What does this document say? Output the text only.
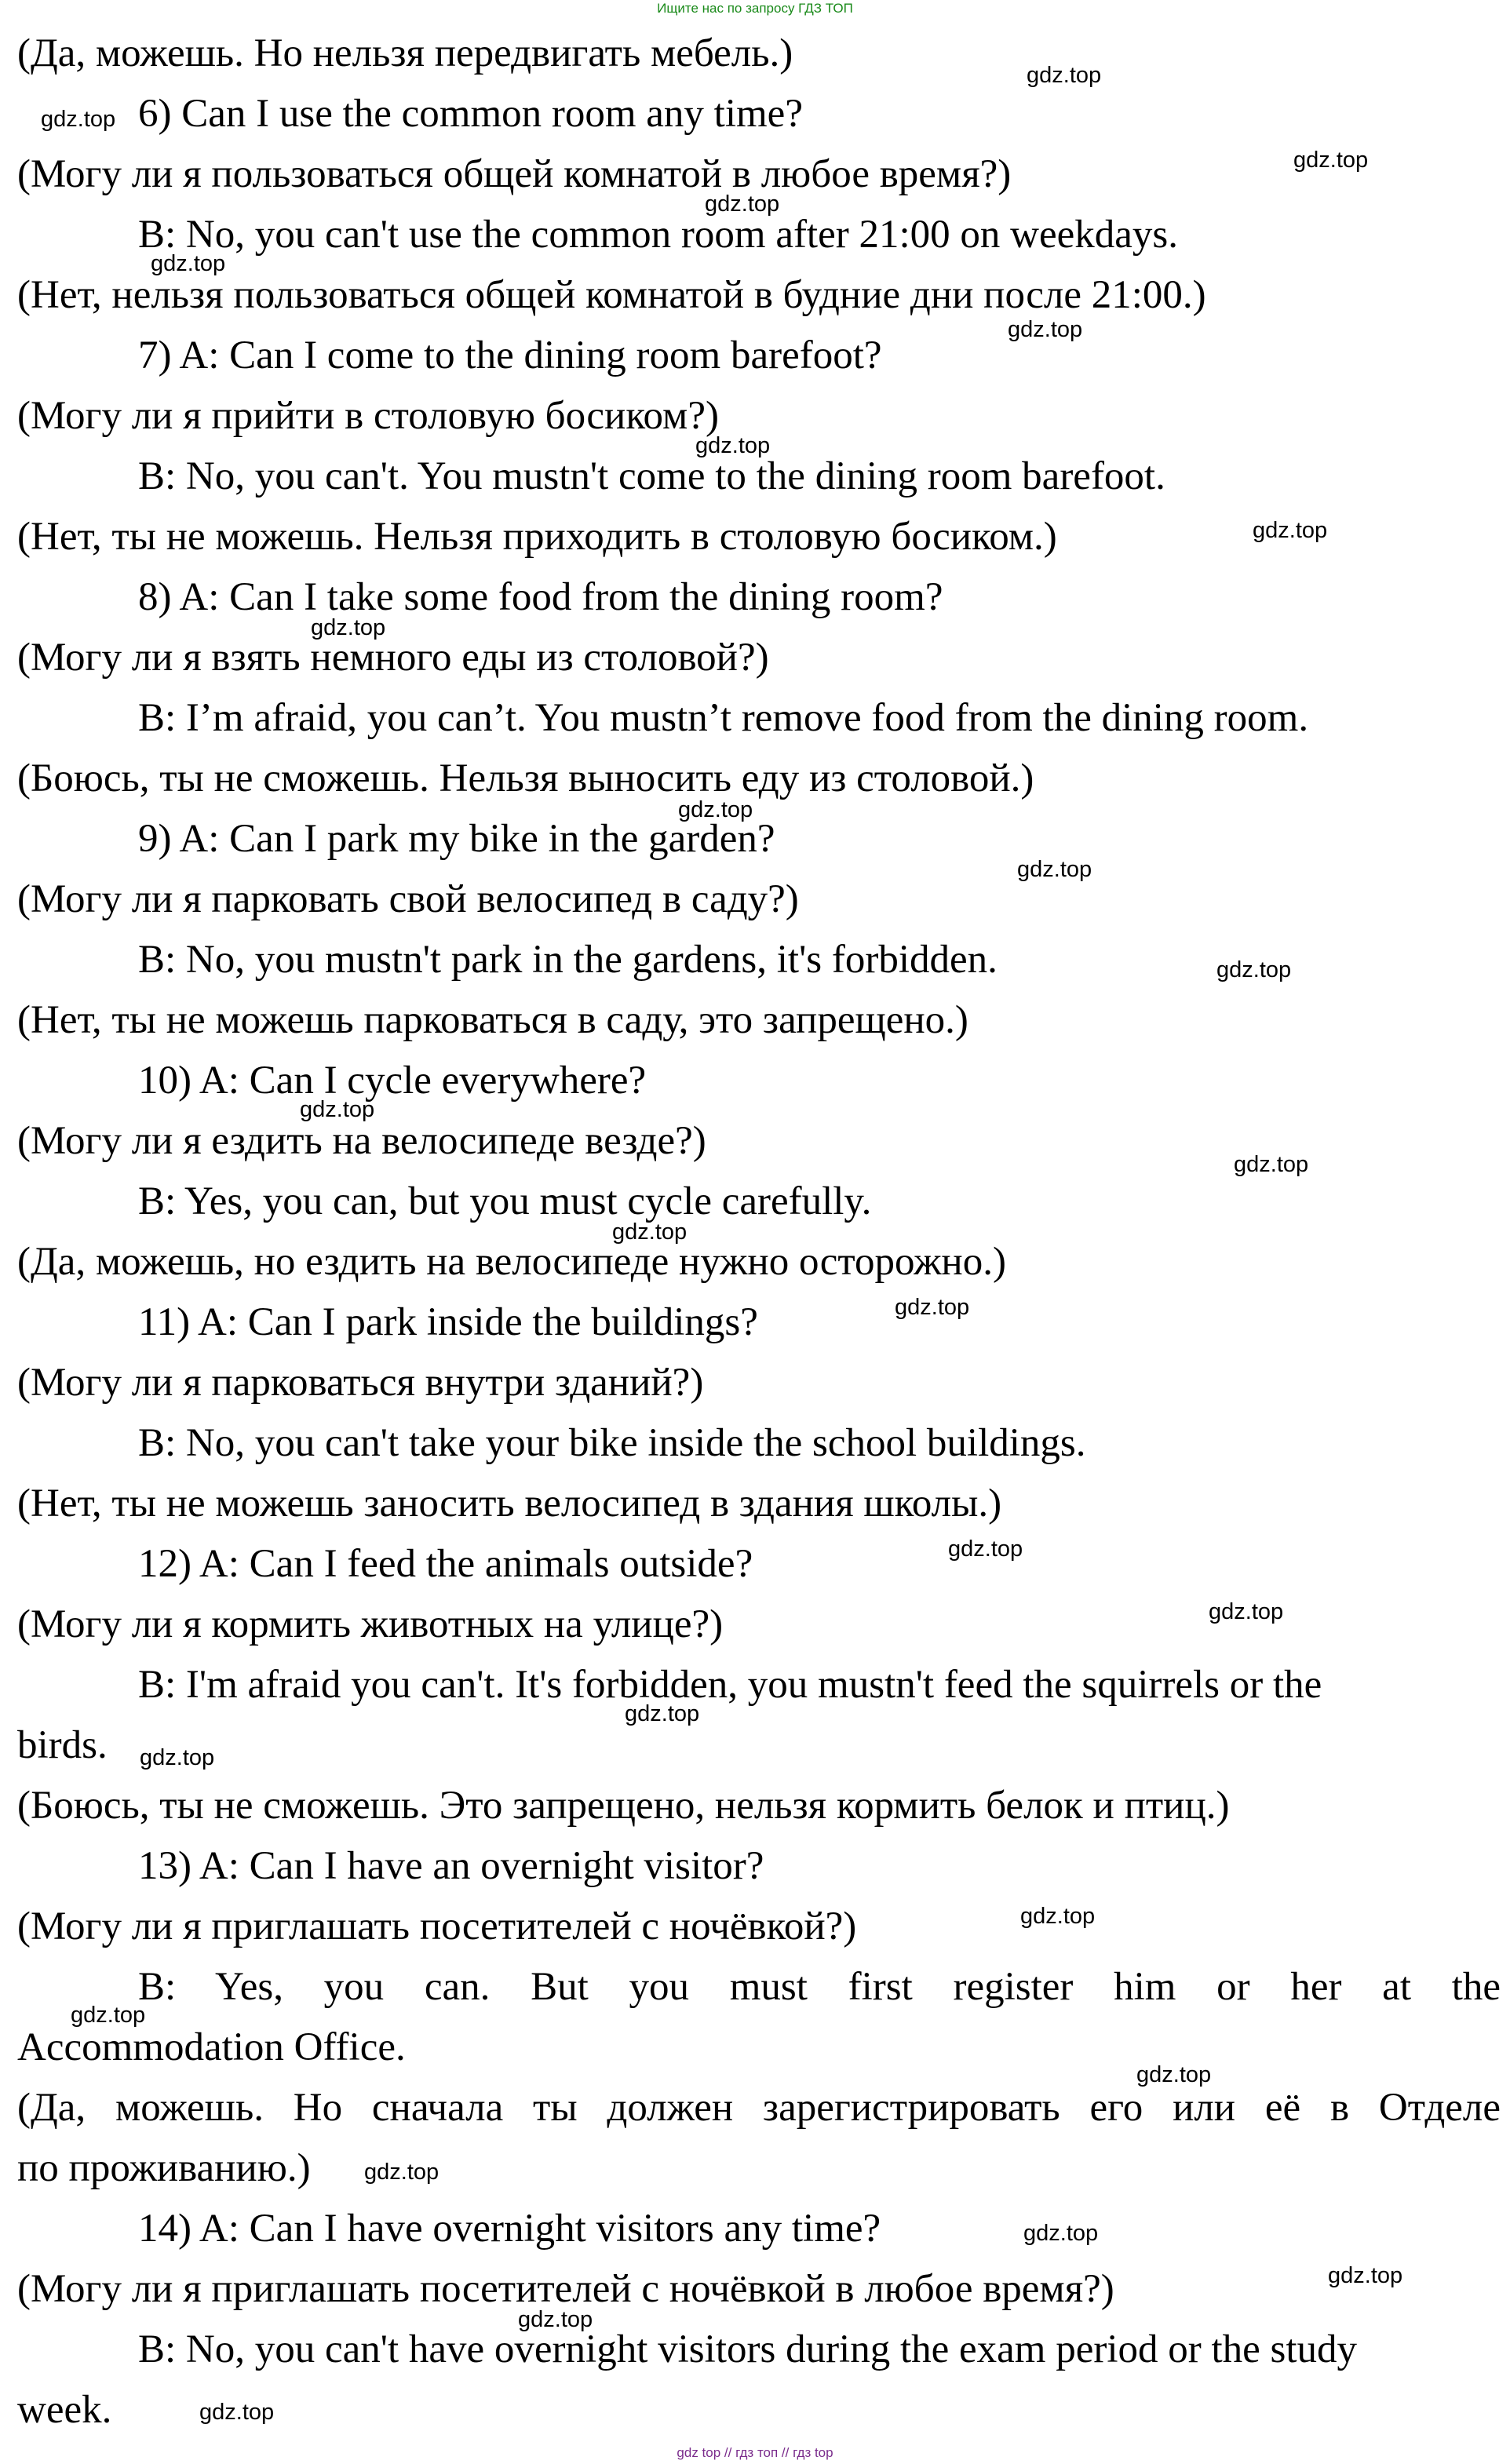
Ищите нас по запросу ГДЗ ТОП

(Да, можешь. Но нельзя передвигать мебель.)

6) Can I use the common room any time?

(Могу ли я пользоваться общей комнатой в любое время?)

B: No, you can't use the common room after 21:00 on weekdays.

(Нет, нельзя пользоваться общей комнатой в будние дни после 21:00.)

7) A: Can I come to the dining room barefoot?

(Могу ли я прийти в столовую босиком?)

B: No, you can't. You mustn't come to the dining room barefoot.

(Нет, ты не можешь. Нельзя приходить в столовую босиком.)

8) A: Can I take some food from the dining room?

(Могу ли я взять немного еды из столовой?)

B: I’m afraid, you can’t. You mustn’t remove food from the dining room.

(Боюсь, ты не сможешь. Нельзя выносить еду из столовой.)

9) A: Can I park my bike in the garden?

(Могу ли я парковать свой велосипед в саду?)

B: No, you mustn't park in the gardens, it's forbidden.

(Нет, ты не можешь парковаться в саду, это запрещено.)

10) A: Can I cycle everywhere?

(Могу ли я ездить на велосипеде везде?)

B: Yes, you can, but you must cycle carefully.

(Да, можешь, но ездить на велосипеде нужно осторожно.)

11) A: Can I park inside the buildings?

(Могу ли я парковаться внутри зданий?)

B: No, you can't take your bike inside the school buildings.

(Нет, ты не можешь заносить велосипед в здания школы.)

12) A: Can I feed the animals outside?

(Могу ли я кормить животных на улице?)

B: I'm afraid you can't. It's forbidden, you mustn't feed the squirrels or the

birds.

(Боюсь, ты не сможешь. Это запрещено, нельзя кормить белок и птиц.)

13) A: Can I have an overnight visitor?

(Могу ли я приглашать посетителей с ночёвкой?)

B: Yes, you can. But you must first register him or her at the

Accommodation Office.

(Да, можешь. Но сначала ты должен зарегистрировать его или её в Отделе

по проживанию.)

14) A: Can I have overnight visitors any time?

(Могу ли я приглашать посетителей с ночёвкой в любое время?)

B: No, you can't have overnight visitors during the exam period or the study

week.

gdz.top
gdz.top
gdz.top
gdz.top
gdz.top
gdz.top
gdz.top
gdz.top
gdz.top
gdz.top
gdz.top
gdz.top
gdz.top
gdz.top
gdz.top
gdz.top
gdz.top
gdz.top
gdz.top
gdz.top
gdz.top
gdz.top
gdz.top
gdz.top
gdz.top
gdz.top
gdz.top
gdz.top
gdz top // гдз топ // гдз top
